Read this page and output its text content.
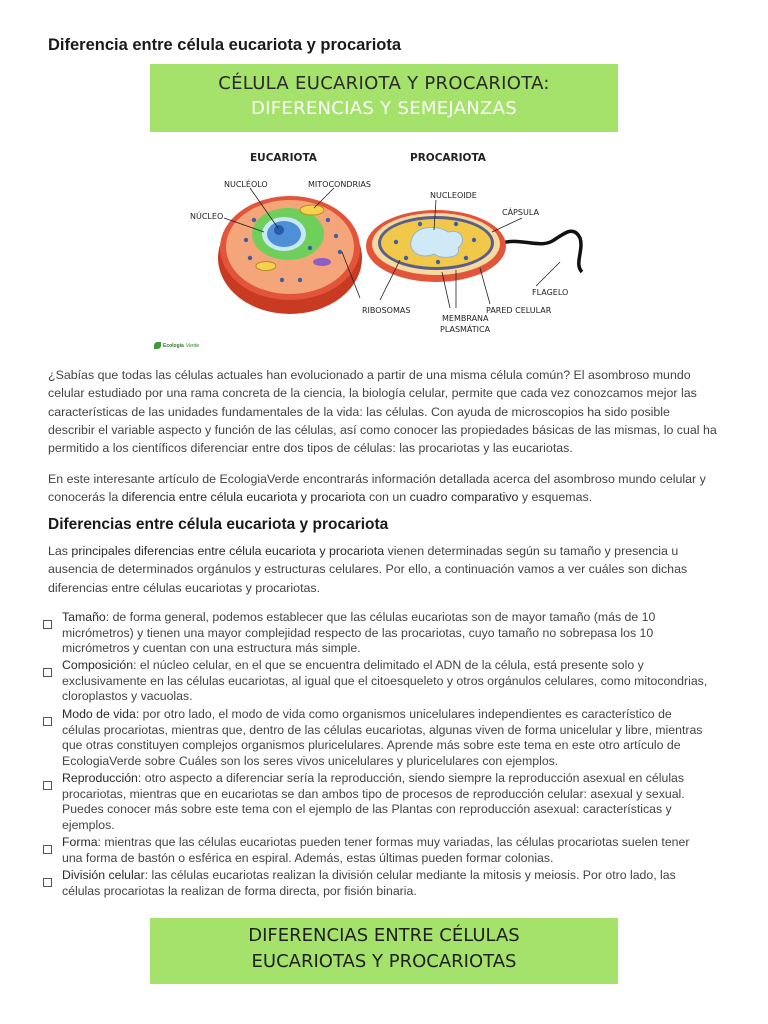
Diferencia entre célula eucariota y procariota
CÉLULA EUCARIOTA Y PROCARIOTA:
DIFERENCIAS Y SEMEJANZAS
EUCARIOTA	PROCARIOTA
NUCLÉOLO	MITOCONDRIAS
NÚCLEO
RIBOSOMAS
NUCLEOIDE
CÁPSULA
FLAGELO
PARED CELULAR
MEMBRANA
PLASMÁTICA
Ecologia Verde

¿Sabías que todas las células actuales han evolucionado a partir de una misma célula común? El asombroso mundo celular estudiado por una rama concreta de la ciencia, la biología celular, permite que cada vez conozcamos mejor las características de las unidades fundamentales de la vida: las células. Con ayuda de microscopios ha sido posible describir el variable aspecto y función de las células, así como conocer las propiedades básicas de las mismas, lo cual ha permitido a los científicos diferenciar entre dos tipos de células: las procariotas y las eucariotas.

En este interesante artículo de EcologiaVerde encontrarás información detallada acerca del asombroso mundo celular y conocerás la diferencia entre célula eucariota y procariota con un cuadro comparativo y esquemas.

Diferencias entre célula eucariota y procariota

Las principales diferencias entre célula eucariota y procariota vienen determinadas según su tamaño y presencia u ausencia de determinados orgánulos y estructuras celulares. Por ello, a continuación vamos a ver cuáles son dichas diferencias entre células eucariotas y procariotas.

Tamaño: de forma general, podemos establecer que las células eucariotas son de mayor tamaño (más de 10 micrómetros) y tienen una mayor complejidad respecto de las procariotas, cuyo tamaño no sobrepasa los 10 micrómetros y cuentan con una estructura más simple.
Composición: el núcleo celular, en el que se encuentra delimitado el ADN de la célula, está presente solo y exclusivamente en las células eucariotas, al igual que el citoesqueleto y otros orgánulos celulares, como mitocondrias, cloroplastos y vacuolas.
Modo de vida: por otro lado, el modo de vida como organismos unicelulares independientes es característico de células procariotas, mientras que, dentro de las células eucariotas, algunas viven de forma unicelular y libre, mientras que otras constituyen complejos organismos pluricelulares. Aprende más sobre este tema en este otro artículo de EcologiaVerde sobre Cuáles son los seres vivos unicelulares y pluricelulares con ejemplos.
Reproducción: otro aspecto a diferenciar sería la reproducción, siendo siempre la reproducción asexual en células procariotas, mientras que en eucariotas se dan ambos tipo de procesos de reproducción celular: asexual y sexual. Puedes conocer más sobre este tema con el ejemplo de las Plantas con reproducción asexual: características y ejemplos.
Forma: mientras que las células eucariotas pueden tener formas muy variadas, las células procariotas suelen tener una forma de bastón o esférica en espiral. Además, estas últimas pueden formar colonias.
División celular: las células eucariotas realizan la división celular mediante la mitosis y meiosis. Por otro lado, las células procariotas la realizan de forma directa, por fisión binaria.
DIFERENCIAS ENTRE CÉLULAS
EUCARIOTAS Y PROCARIOTAS
